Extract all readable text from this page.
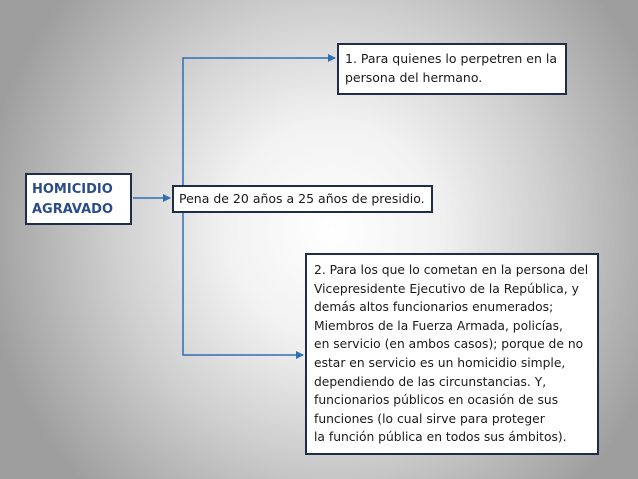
HOMICIDIO
AGRAVADO
Pena de 20 años a 25 años de presidio.
1. Para quienes lo perpetren en la
persona del hermano.
2. Para los que lo cometan en la persona del
Vicepresidente Ejecutivo de la República, y
demás altos funcionarios enumerados;
Miembros de la Fuerza Armada, policías,
en servicio (en ambos casos); porque de no
estar en servicio es un homicidio simple,
dependiendo de las circunstancias. Y,
funcionarios públicos en ocasión de sus
funciones (lo cual sirve para proteger
la función pública en todos sus ámbitos).
